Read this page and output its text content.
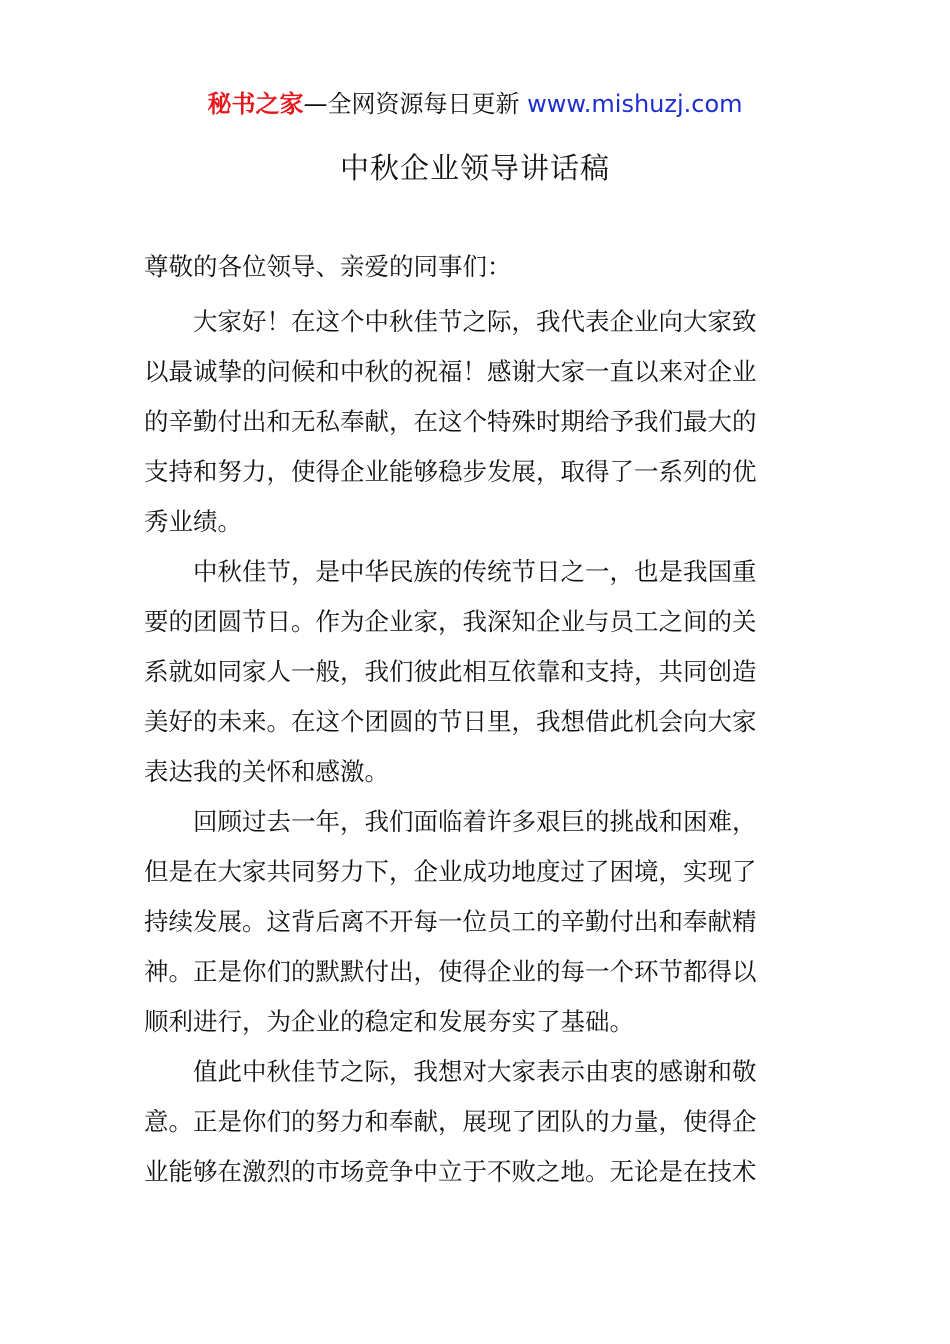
秘书之家—全网资源每日更新 www.mishuzj.com
中秋企业领导讲话稿
尊敬的各位领导、亲爱的同事们：

大家好！在这个中秋佳节之际，我代表企业向大家致
以最诚挚的问候和中秋的祝福！感谢大家一直以来对企业
的辛勤付出和无私奉献，在这个特殊时期给予我们最大的
支持和努力，使得企业能够稳步发展，取得了一系列的优
秀业绩。

中秋佳节，是中华民族的传统节日之一，也是我国重
要的团圆节日。作为企业家，我深知企业与员工之间的关
系就如同家人一般，我们彼此相互依靠和支持，共同创造
美好的未来。在这个团圆的节日里，我想借此机会向大家
表达我的关怀和感激。

回顾过去一年，我们面临着许多艰巨的挑战和困难，
但是在大家共同努力下，企业成功地度过了困境，实现了
持续发展。这背后离不开每一位员工的辛勤付出和奉献精
神。正是你们的默默付出，使得企业的每一个环节都得以
顺利进行，为企业的稳定和发展夯实了基础。

值此中秋佳节之际，我想对大家表示由衷的感谢和敬
意。正是你们的努力和奉献，展现了团队的力量，使得企
业能够在激烈的市场竞争中立于不败之地。无论是在技术
